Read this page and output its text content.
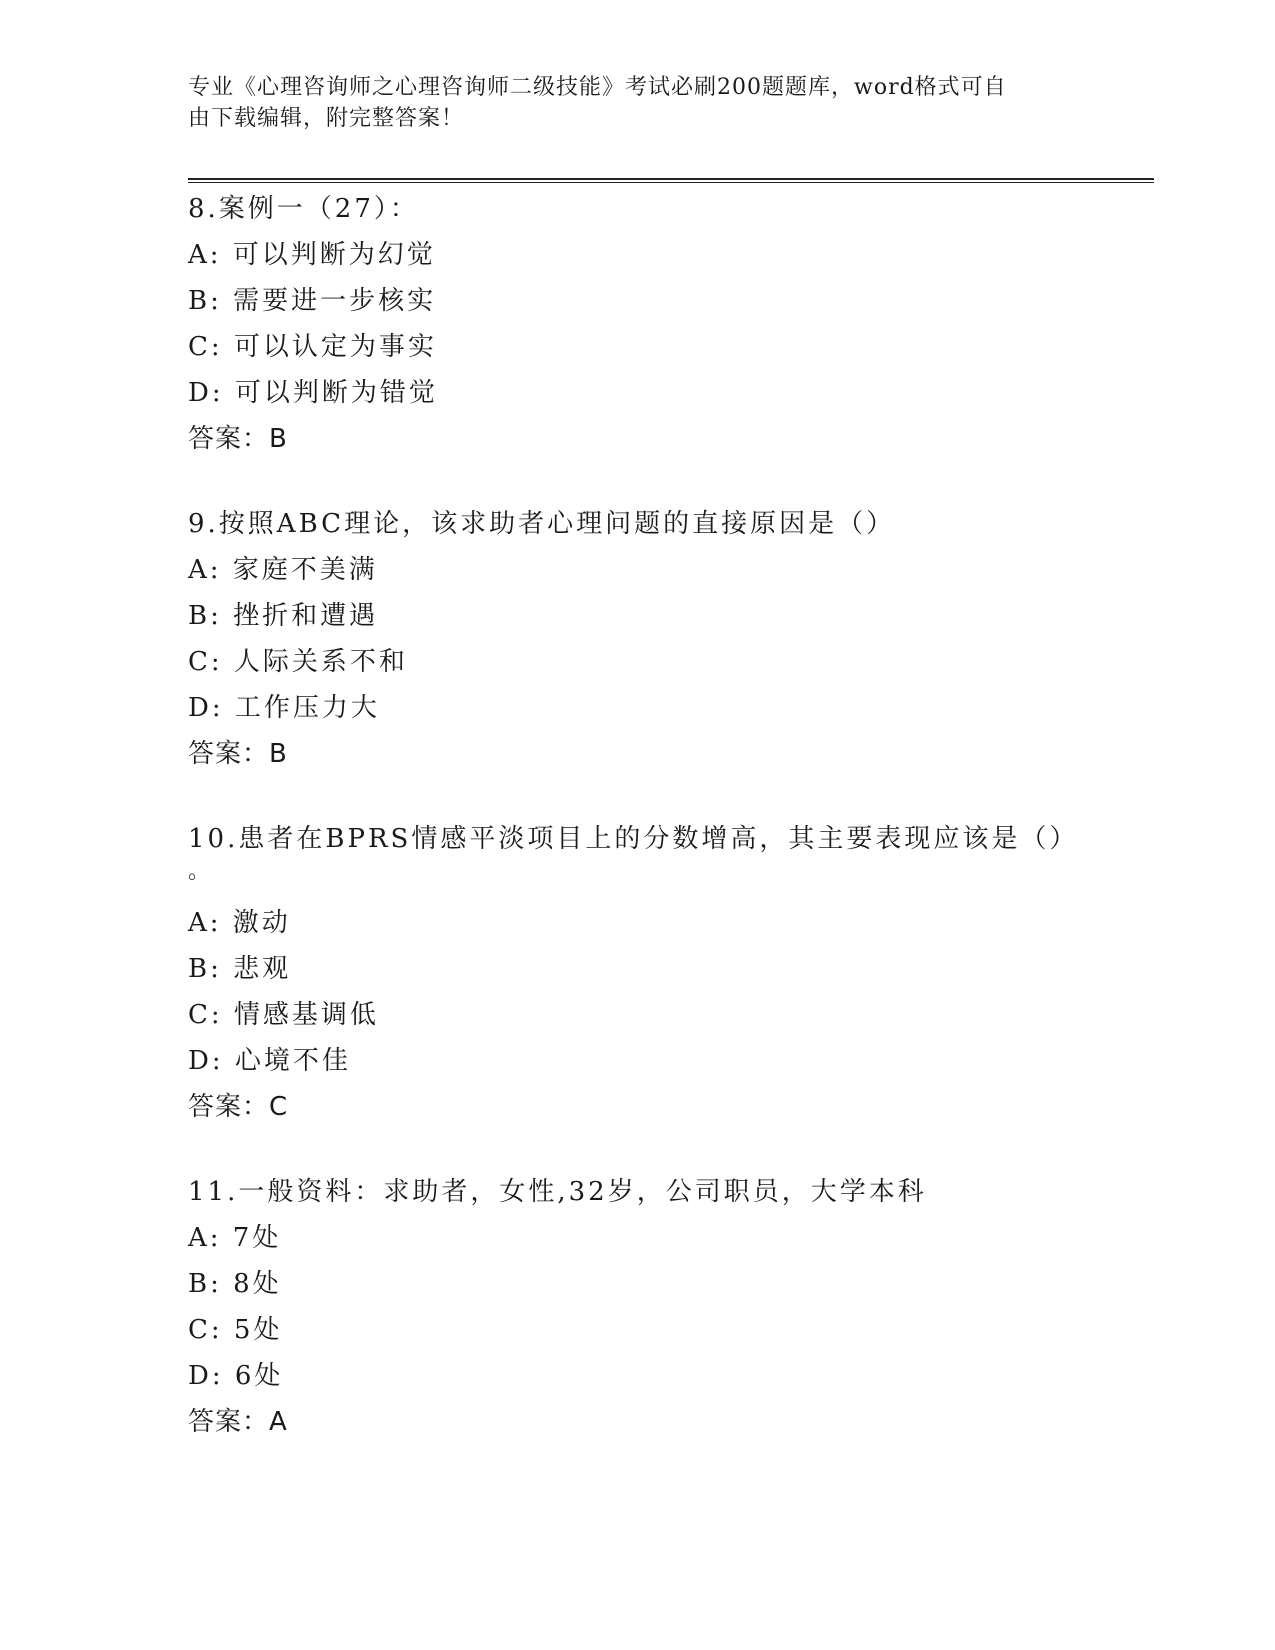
专业《心理咨询师之心理咨询师二级技能》考试必刷200题题库，word格式可自
由下载编辑，附完整答案！
8.案例一（27）：
A: 可以判断为幻觉
B: 需要进一步核实
C: 可以认定为事实
D: 可以判断为错觉
答案：B
9.按照ABC理论，该求助者心理问题的直接原因是（）
A: 家庭不美满
B: 挫折和遭遇
C: 人际关系不和
D: 工作压力大
答案：B
10.患者在BPRS情感平淡项目上的分数增高，其主要表现应该是（）
。
A: 激动
B: 悲观
C: 情感基调低
D: 心境不佳
答案：C
11.一般资料：求助者，女性,32岁，公司职员，大学本科
A: 7处
B: 8处
C: 5处
D: 6处
答案：A
